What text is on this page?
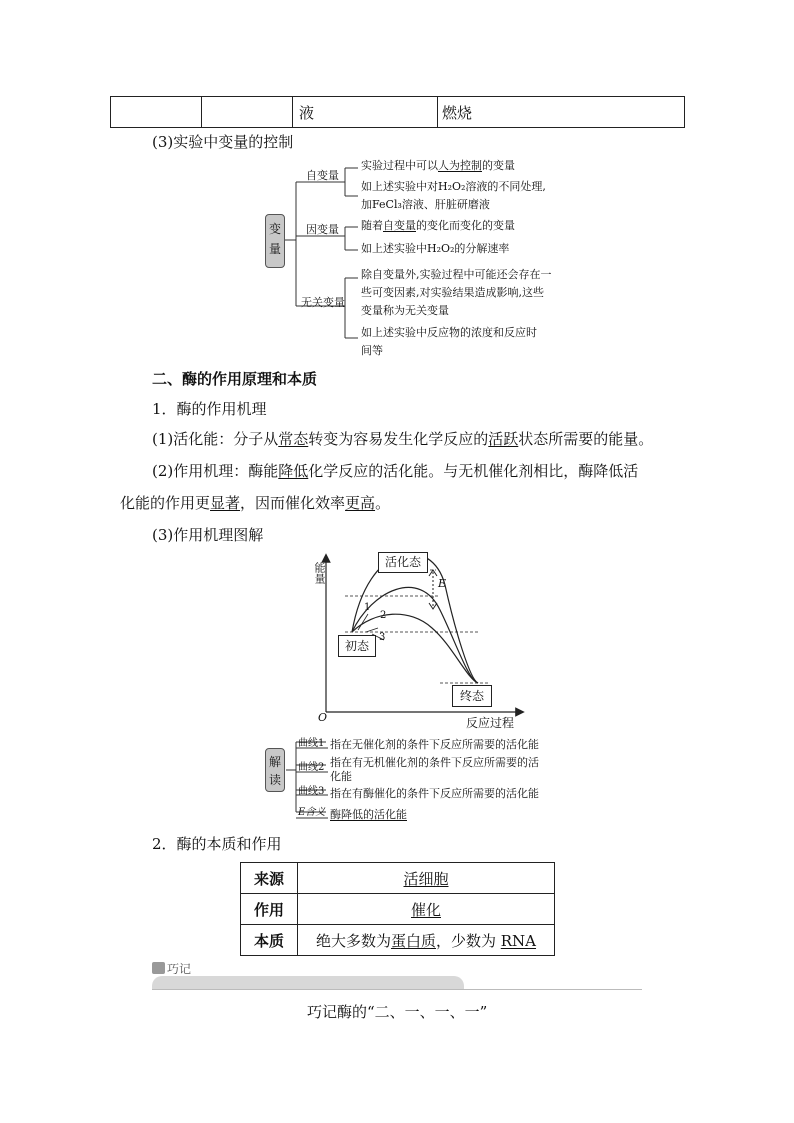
		液	燃烧
(3)实验中变量的控制
变
量
自变量
实验过程中可以人为控制的变量
如上述实验中对H₂O₂溶液的不同处理,
加FeCl₃溶液、肝脏研磨液
因变量 随着自变量的变化而变化的变量
如上述实验中H₂O₂的分解速率
无关变量
除自变量外,实验过程中可能还会存在一
些可变因素,对实验结果造成影响,这些
变量称为无关变量
如上述实验中反应物的浓度和反应时
间等
二、酶的作用原理和本质
1．酶的作用机理
(1)活化能：分子从常态转变为容易发生化学反应的活跃状态所需要的能量。
(2)作用机理：酶能降低化学反应的活化能。与无机催化剂相比，酶降低活
化能的作用更显著，因而催化效率更高。
(3)作用机理图解
能量
反应过程
O
活化态
初态
终态
E
1
2
3
解
读
曲线1 指在无催化剂的条件下反应所需要的活化能
曲线2 指在有无机催化剂的条件下反应所需要的活
化能
曲线3 指在有酶催化的条件下反应所需要的活化能
E含义 酶降低的活化能
2．酶的本质和作用
来源	活细胞
作用	催化
本质	绝大多数为蛋白质，少数为 RNA
巧记
巧记酶的“二、一、一、一”
